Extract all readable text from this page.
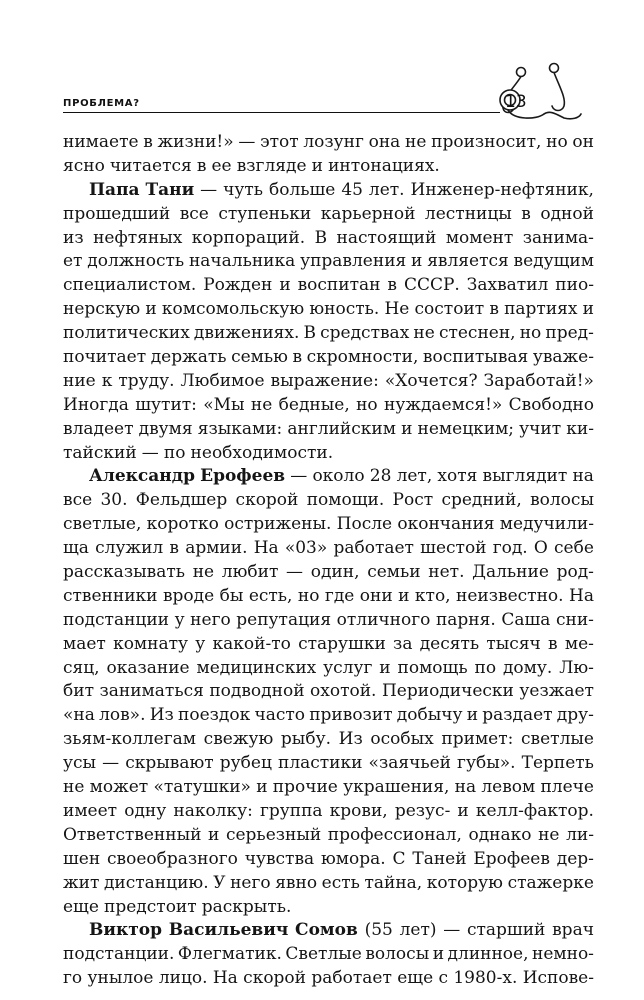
ПРОБЛЕМА?	13
нимаете в жизни!» — этот лозунг она не произносит, но он
ясно читается в ее взгляде и интонациях.
Папа Тани — чуть больше 45 лет. Инженер-нефтяник,
прошедший все ступеньки карьерной лестницы в одной
из нефтяных корпораций. В настоящий момент занима-
ет должность начальника управления и является ведущим
специалистом. Рожден и воспитан в СССР. Захватил пио-
нерскую и комсомольскую юность. Не состоит в партиях и
политических движениях. В средствах не стеснен, но пред-
почитает держать семью в скромности, воспитывая уваже-
ние к труду. Любимое выражение: «Хочется? Заработай!»
Иногда шутит: «Мы не бедные, но нуждаемся!» Свободно
владеет двумя языками: английским и немецким; учит ки-
тайский — по необходимости.
Александр Ерофеев — около 28 лет, хотя выглядит на
все 30. Фельдшер скорой помощи. Рост средний, волосы
светлые, коротко острижены. После окончания медучили-
ща служил в армии. На «03» работает шестой год. О себе
рассказывать не любит — один, семьи нет. Дальние род-
ственники вроде бы есть, но где они и кто, неизвестно. На
подстанции у него репутация отличного парня. Саша сни-
мает комнату у какой-то старушки за десять тысяч в ме-
сяц, оказание медицинских услуг и помощь по дому. Лю-
бит заниматься подводной охотой. Периодически уезжает
«на лов». Из поездок часто привозит добычу и раздает дру-
зьям-коллегам свежую рыбу. Из особых примет: светлые
усы — скрывают рубец пластики «заячьей губы». Терпеть
не может «татушки» и прочие украшения, на левом плече
имеет одну наколку: группа крови, резус- и келл-фактор.
Ответственный и серьезный профессионал, однако не ли-
шен своеобразного чувства юмора. С Таней Ерофеев дер-
жит дистанцию. У него явно есть тайна, которую стажерке
еще предстоит раскрыть.
Виктор Васильевич Сомов (55 лет) — старший врач
подстанции. Флегматик. Светлые волосы и длинное, немно-
го унылое лицо. На скорой работает еще с 1980-х. Испове-
